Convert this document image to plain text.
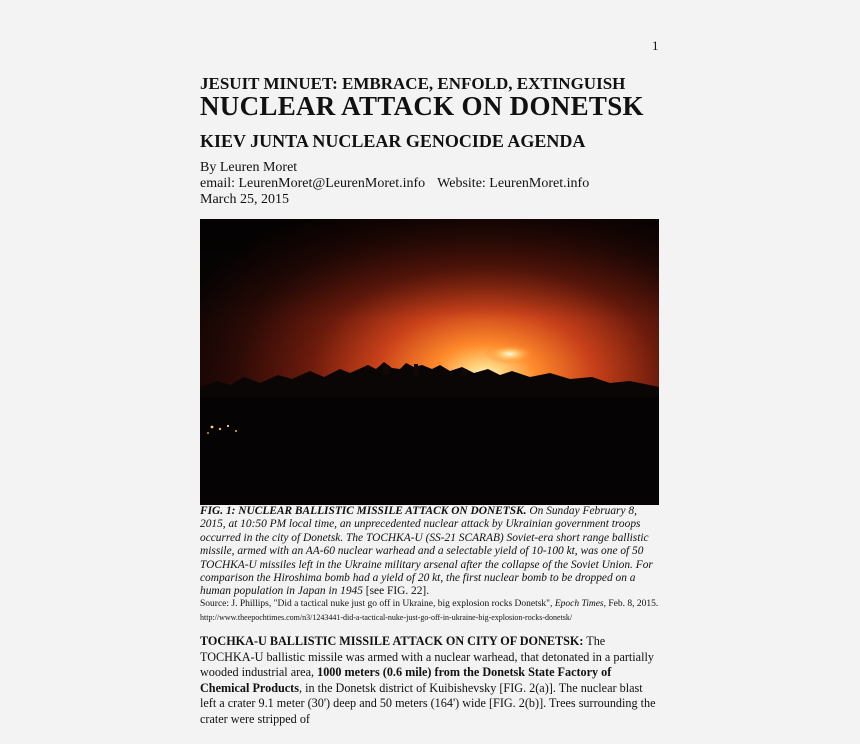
1
JESUIT MINUET: EMBRACE, ENFOLD, EXTINGUISH
NUCLEAR ATTACK ON DONETSK
KIEV JUNTA NUCLEAR GENOCIDE AGENDA
By Leuren Moret
email: LeurenMoret@LeurenMoret.info Website: LeurenMoret.info
March 25, 2015
FIG. 1: NUCLEAR BALLISTIC MISSILE ATTACK ON DONETSK. On Sunday February 8, 2015, at 10:50 PM local time, an unprecedented nuclear attack by Ukrainian government troops occurred in the city of Donetsk. The TOCHKA-U (SS-21 SCARAB) Soviet-era short range ballistic missile, armed with an AA-60 nuclear warhead and a selectable yield of 10-100 kt, was one of 50 TOCHKA-U missiles left in the Ukraine military arsenal after the collapse of the Soviet Union. For comparison the Hiroshima bomb had a yield of 20 kt, the first nuclear bomb to be dropped on a human population in Japan in 1945 [see FIG. 22].
Source: J. Phillips, "Did a tactical nuke just go off in Ukraine, big explosion rocks Donetsk", Epoch Times, Feb. 8, 2015. http://www.theepochtimes.com/n3/1243441-did-a-tactical-nuke-just-go-off-in-ukraine-big-explosion-rocks-donetsk/
TOCHKA-U BALLISTIC MISSILE ATTACK ON CITY OF DONETSK: The TOCHKA-U ballistic missile was armed with a nuclear warhead, that detonated in a partially wooded industrial area, 1000 meters (0.6 mile) from the Donetsk State Factory of Chemical Products, in the Donetsk district of Kuibishevsky [FIG. 2(a)]. The nuclear blast left a crater 9.1 meter (30') deep and 50 meters (164') wide [FIG. 2(b)]. Trees surrounding the crater were stripped of
